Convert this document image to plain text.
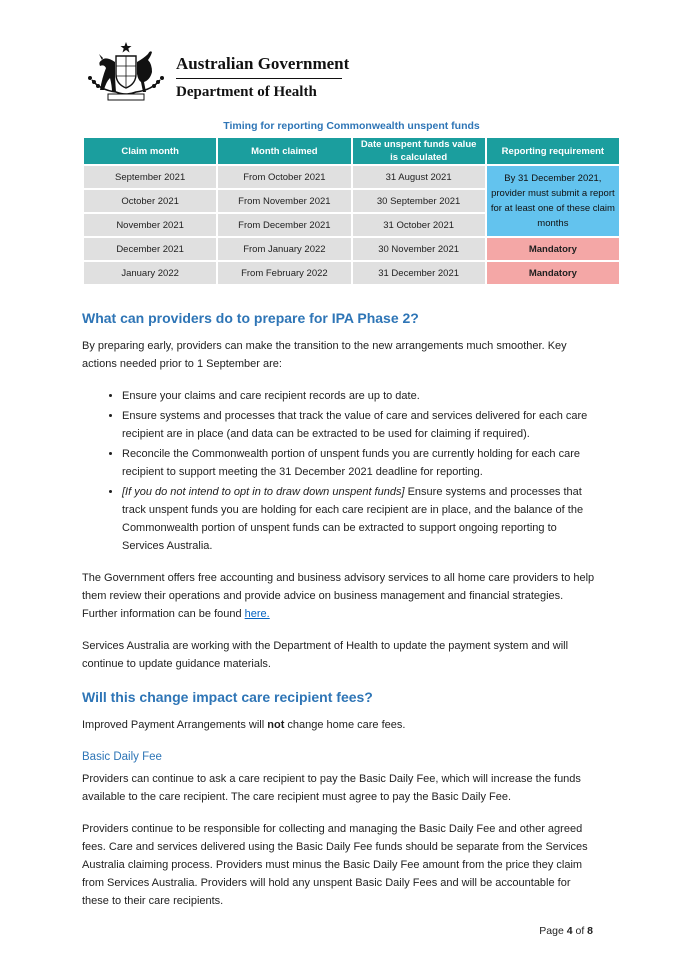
Australian Government
Department of Health
Timing for reporting Commonwealth unspent funds
Claim month	Month claimed	Date unspent funds value is calculated	Reporting requirement
September 2021	From October 2021	31 August 2021	By 31 December 2021, provider must submit a report for at least one of these claim months
October 2021	From November 2021	30 September 2021	
November 2021	From December 2021	31 October 2021	
December 2021	From January 2022	30 November 2021	Mandatory
January 2022	From February 2022	31 December 2021	Mandatory
What can providers do to prepare for IPA Phase 2?

By preparing early, providers can make the transition to the new arrangements much smoother. Key actions needed prior to 1 September are:

• Ensure your claims and care recipient records are up to date.
• Ensure systems and processes that track the value of care and services delivered for each care recipient are in place (and data can be extracted to be used for claiming if required).
• Reconcile the Commonwealth portion of unspent funds you are currently holding for each care recipient to support meeting the 31 December 2021 deadline for reporting.
• [If you do not intend to opt in to draw down unspent funds] Ensure systems and processes that track unspent funds you are holding for each care recipient are in place, and the balance of the Commonwealth portion of unspent funds can be extracted to support ongoing reporting to Services Australia.

The Government offers free accounting and business advisory services to all home care providers to help them review their operations and provide advice on business management and financial strategies. Further information can be found here.

Services Australia are working with the Department of Health to update the payment system and will continue to update guidance materials.

Will this change impact care recipient fees?

Improved Payment Arrangements will not change home care fees.

Basic Daily Fee

Providers can continue to ask a care recipient to pay the Basic Daily Fee, which will increase the funds available to the care recipient. The care recipient must agree to pay the Basic Daily Fee.

Providers continue to be responsible for collecting and managing the Basic Daily Fee and other agreed fees. Care and services delivered using the Basic Daily Fee funds should be separate from the Services Australia claiming process. Providers must minus the Basic Daily Fee amount from the price they claim from Services Australia. Providers will hold any unspent Basic Daily Fees and will be accountable for these to their care recipients.

Page 4 of 8
